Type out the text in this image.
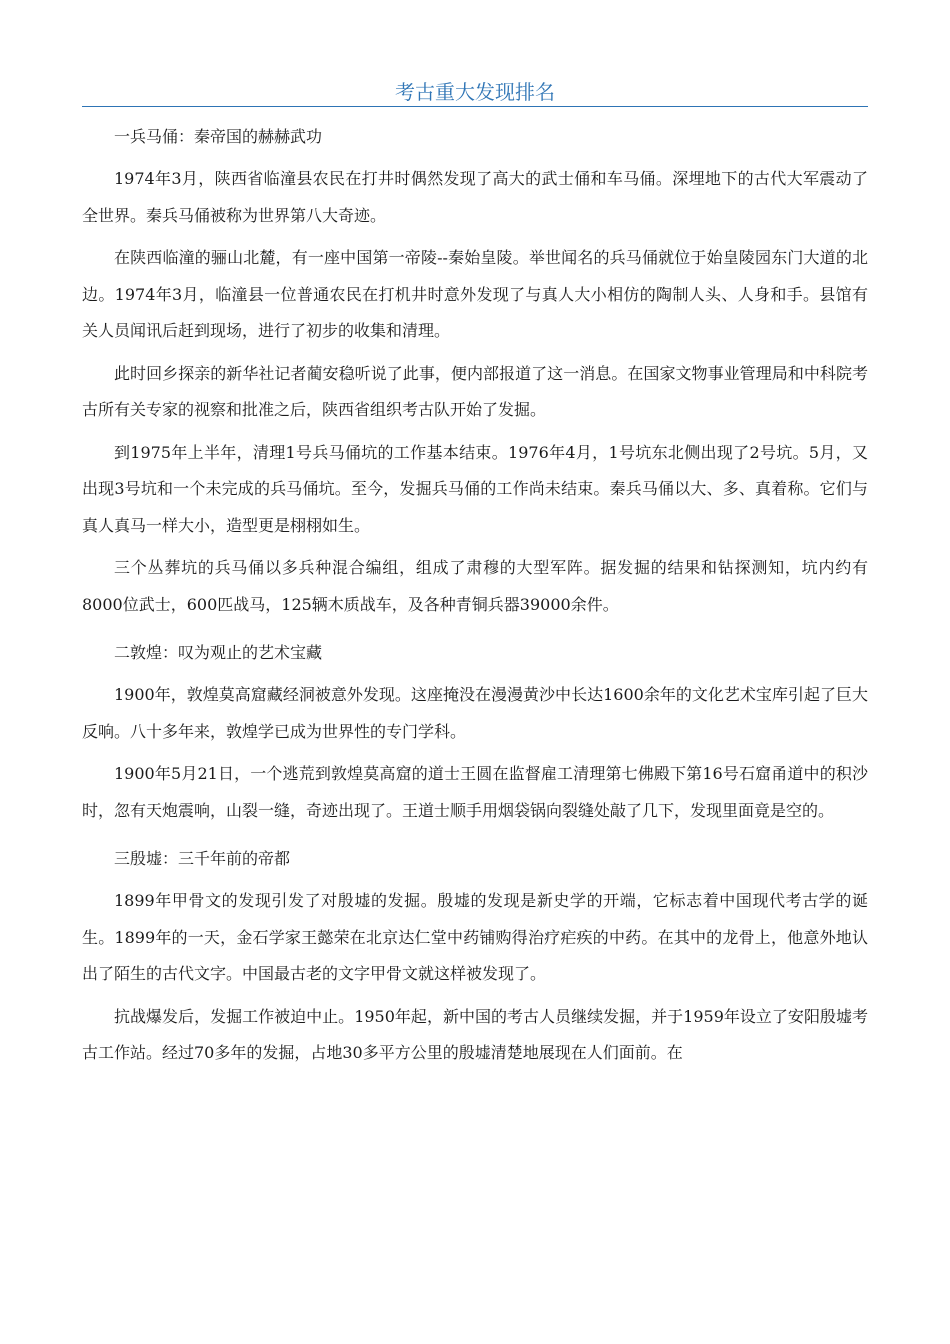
考古重大发现排名

一兵马俑：秦帝国的赫赫武功

1974年3月，陕西省临潼县农民在打井时偶然发现了高大的武士俑和车马俑。深埋地下的古代大军震动了全世界。秦兵马俑被称为世界第八大奇迹。

在陕西临潼的骊山北麓，有一座中国第一帝陵--秦始皇陵。举世闻名的兵马俑就位于始皇陵园东门大道的北边。1974年3月，临潼县一位普通农民在打机井时意外发现了与真人大小相仿的陶制人头、人身和手。县馆有关人员闻讯后赶到现场，进行了初步的收集和清理。

此时回乡探亲的新华社记者蔺安稳听说了此事，便内部报道了这一消息。在国家文物事业管理局和中科院考古所有关专家的视察和批准之后，陕西省组织考古队开始了发掘。

到1975年上半年，清理1号兵马俑坑的工作基本结束。1976年4月，1号坑东北侧出现了2号坑。5月，又出现3号坑和一个未完成的兵马俑坑。至今，发掘兵马俑的工作尚未结束。秦兵马俑以大、多、真着称。它们与真人真马一样大小，造型更是栩栩如生。

三个丛葬坑的兵马俑以多兵种混合编组，组成了肃穆的大型军阵。据发掘的结果和钻探测知，坑内约有8000位武士，600匹战马，125辆木质战车，及各种青铜兵器39000余件。

二敦煌：叹为观止的艺术宝藏

1900年，敦煌莫高窟藏经洞被意外发现。这座掩没在漫漫黄沙中长达1600余年的文化艺术宝库引起了巨大反响。八十多年来，敦煌学已成为世界性的专门学科。

1900年5月21日，一个逃荒到敦煌莫高窟的道士王圆在监督雇工清理第七佛殿下第16号石窟甬道中的积沙时，忽有天炮震响，山裂一缝，奇迹出现了。王道士顺手用烟袋锅向裂缝处敲了几下，发现里面竟是空的。

三殷墟：三千年前的帝都

1899年甲骨文的发现引发了对殷墟的发掘。殷墟的发现是新史学的开端，它标志着中国现代考古学的诞生。1899年的一天，金石学家王懿荣在北京达仁堂中药铺购得治疗疟疾的中药。在其中的龙骨上，他意外地认出了陌生的古代文字。中国最古老的文字甲骨文就这样被发现了。

抗战爆发后，发掘工作被迫中止。1950年起，新中国的考古人员继续发掘，并于1959年设立了安阳殷墟考古工作站。经过70多年的发掘，占地30多平方公里的殷墟清楚地展现在人们面前。在
